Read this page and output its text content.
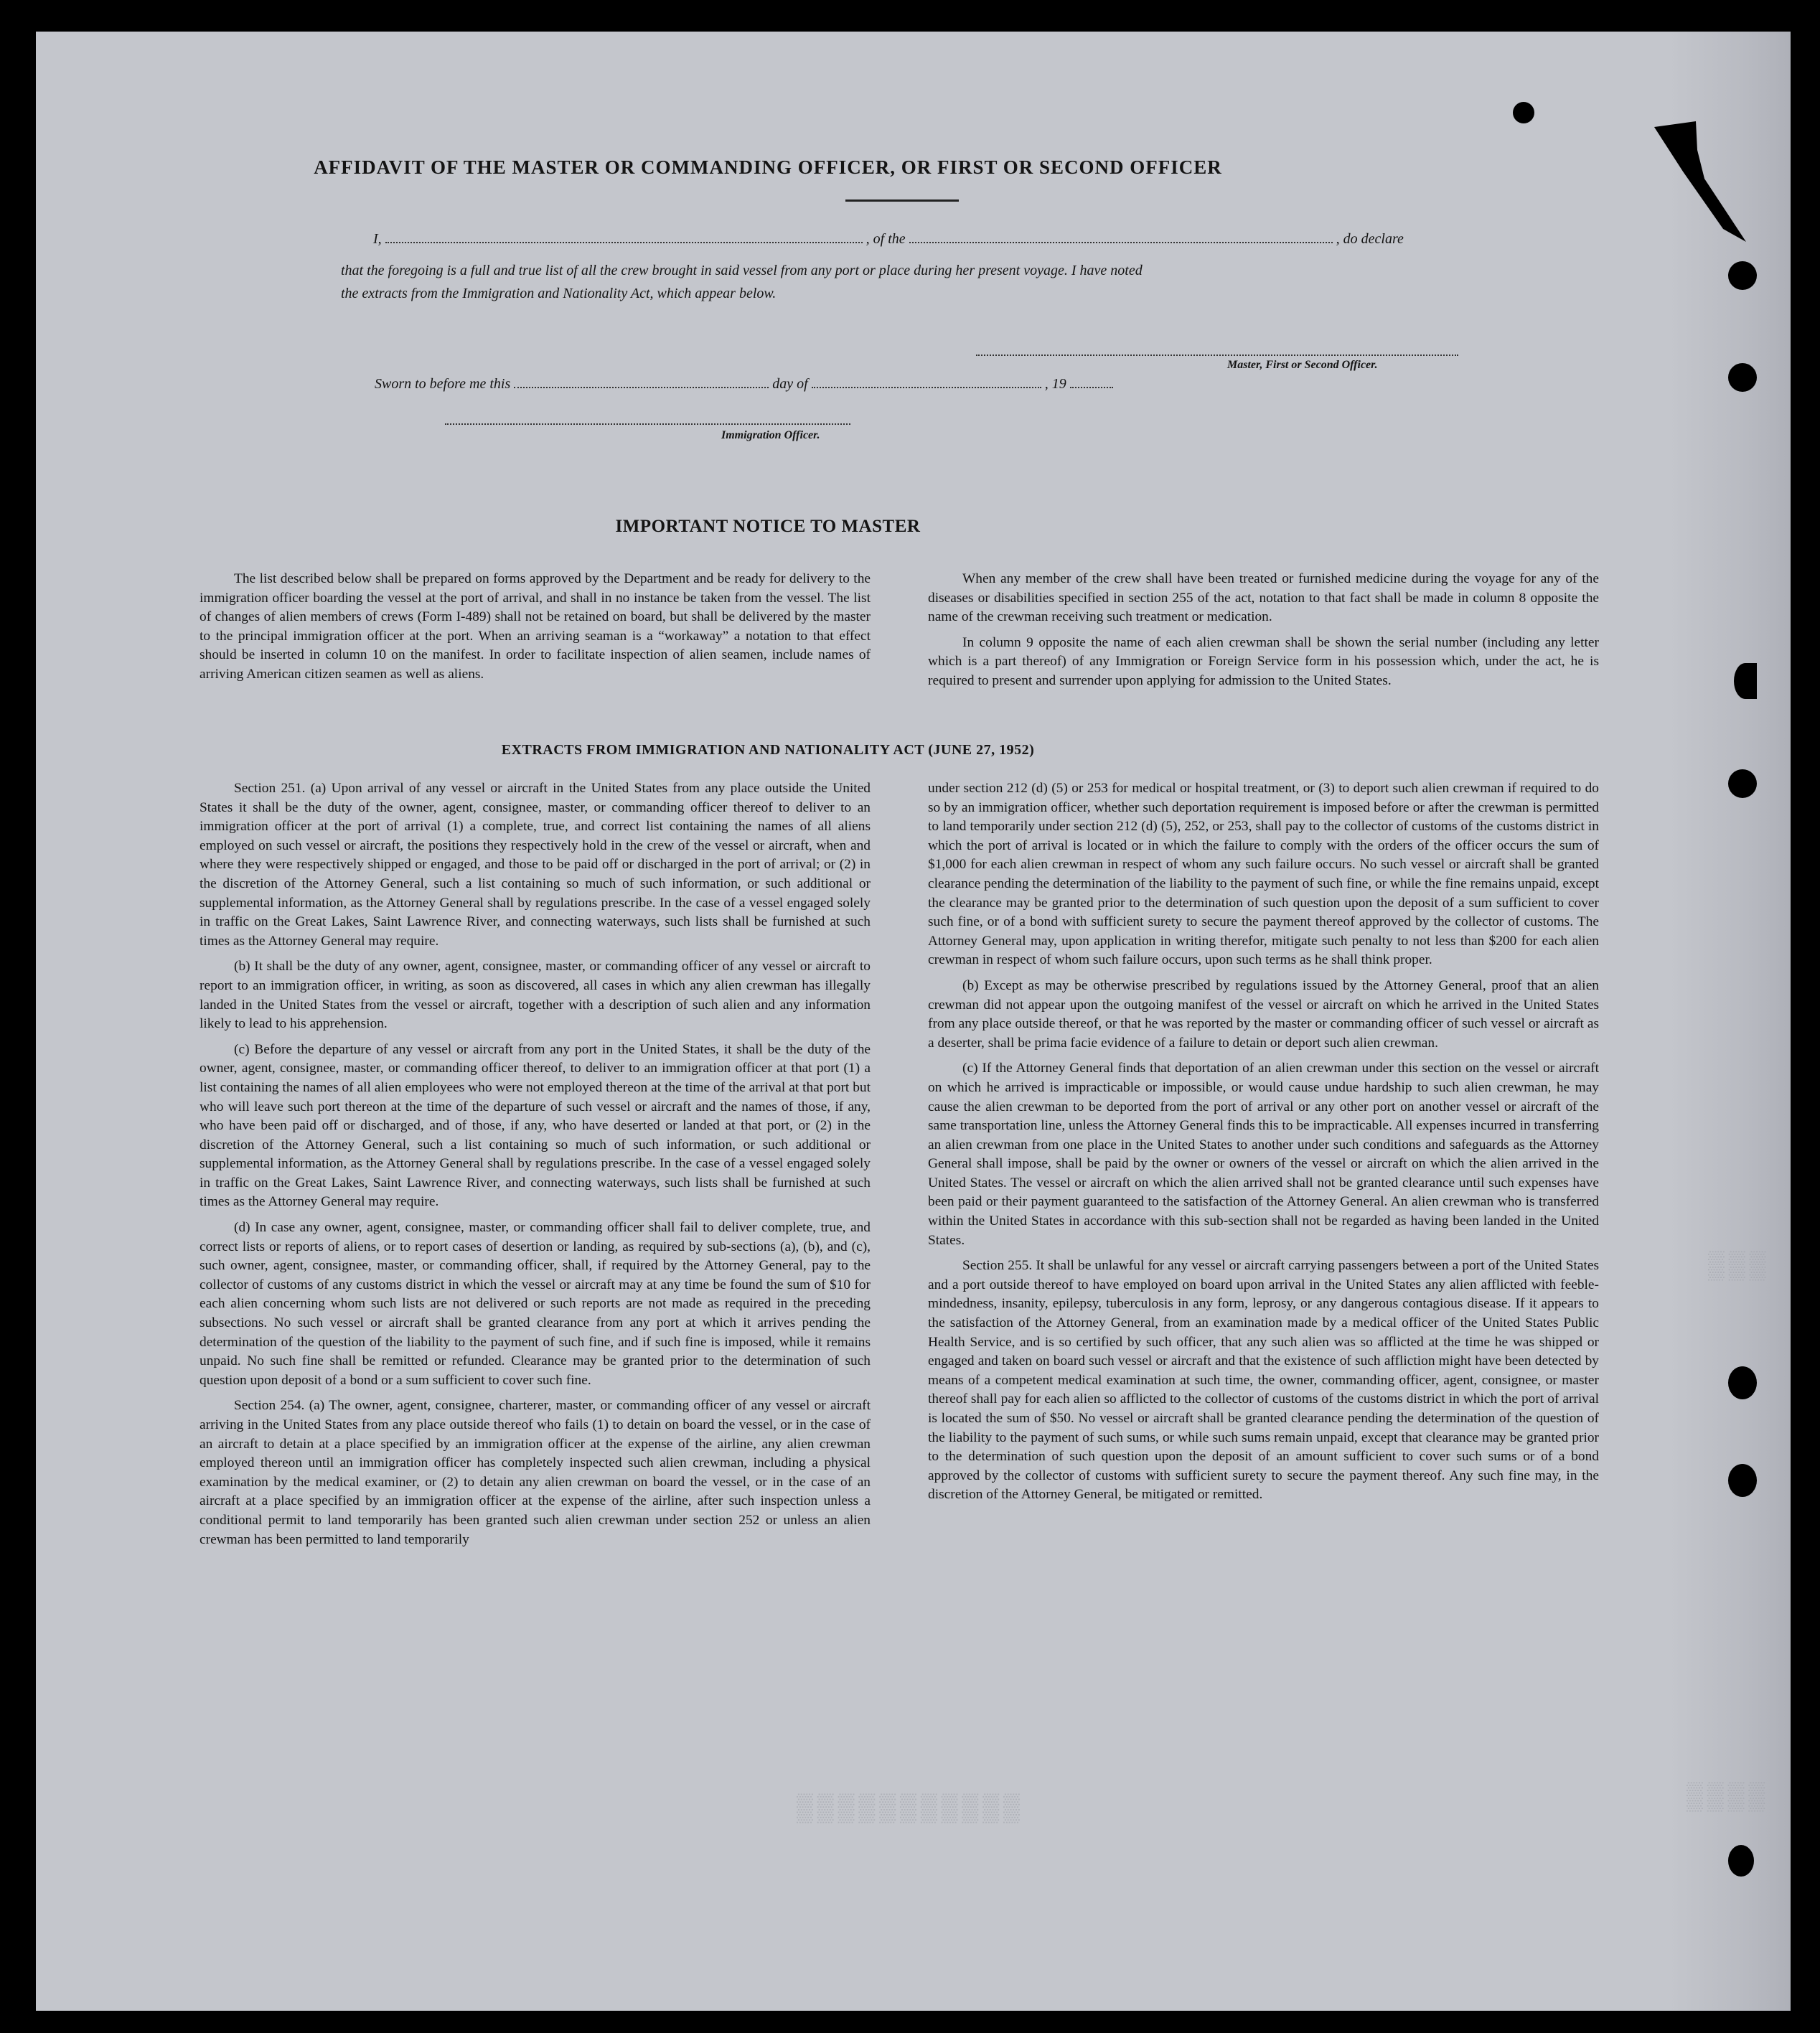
▒▒▒
▒▒▒▒
▒▒▒▒▒▒▒▒▒▒▒
AFFIDAVIT OF THE MASTER OR COMMANDING OFFICER, OR FIRST OR SECOND OFFICER
I,	, of the	, do declare
that the foregoing is a full and true list of all the crew brought in said vessel from any port or place during her present voyage. I have noted
the extracts from the Immigration and Nationality Act, which appear below.
Master, First or Second Officer.
Sworn to before me this	day of	, 19
Immigration Officer.
IMPORTANT NOTICE TO MASTER

The list described below shall be prepared on forms approved by the Department and be ready for delivery to the immigration officer boarding the vessel at the port of arrival, and shall in no instance be taken from the vessel. The list of changes of alien members of crews (Form I-489) shall not be retained on board, but shall be delivered by the master to the principal immigration officer at the port. When an arriving seaman is a “workaway” a notation to that effect should be inserted in column 10 on the manifest. In order to facilitate inspection of alien seamen, include names of arriving American citizen seamen as well as aliens.

When any member of the crew shall have been treated or furnished medicine during the voyage for any of the diseases or disabilities specified in section 255 of the act, notation to that fact shall be made in column 8 opposite the name of the crewman receiving such treatment or medication.

In column 9 opposite the name of each alien crewman shall be shown the serial number (including any letter which is a part thereof) of any Immigration or Foreign Service form in his possession which, under the act, he is required to present and surrender upon applying for admission to the United States.

EXTRACTS FROM IMMIGRATION AND NATIONALITY ACT (JUNE 27, 1952)

Section 251. (a) Upon arrival of any vessel or aircraft in the United States from any place outside the United States it shall be the duty of the owner, agent, consignee, master, or commanding officer thereof to deliver to an immigration officer at the port of arrival (1) a complete, true, and correct list containing the names of all aliens employed on such vessel or aircraft, the positions they respectively hold in the crew of the vessel or aircraft, when and where they were respectively shipped or engaged, and those to be paid off or discharged in the port of arrival; or (2) in the discretion of the Attorney General, such a list containing so much of such information, or such additional or supplemental information, as the Attorney General shall by regulations prescribe. In the case of a vessel engaged solely in traffic on the Great Lakes, Saint Lawrence River, and connecting waterways, such lists shall be furnished at such times as the Attorney General may require.

(b) It shall be the duty of any owner, agent, consignee, master, or commanding officer of any vessel or aircraft to report to an immigration officer, in writing, as soon as discovered, all cases in which any alien crewman has illegally landed in the United States from the vessel or aircraft, together with a description of such alien and any information likely to lead to his apprehension.

(c) Before the departure of any vessel or aircraft from any port in the United States, it shall be the duty of the owner, agent, consignee, master, or commanding officer thereof, to deliver to an immigration officer at that port (1) a list containing the names of all alien employees who were not employed thereon at the time of the arrival at that port but who will leave such port thereon at the time of the departure of such vessel or aircraft and the names of those, if any, who have been paid off or discharged, and of those, if any, who have deserted or landed at that port, or (2) in the discretion of the Attorney General, such a list containing so much of such information, or such additional or supplemental information, as the Attorney General shall by regulations prescribe. In the case of a vessel engaged solely in traffic on the Great Lakes, Saint Lawrence River, and connecting waterways, such lists shall be furnished at such times as the Attorney General may require.

(d) In case any owner, agent, consignee, master, or commanding officer shall fail to deliver complete, true, and correct lists or reports of aliens, or to report cases of desertion or landing, as required by sub-sections (a), (b), and (c), such owner, agent, consignee, master, or commanding officer, shall, if required by the Attorney General, pay to the collector of customs of any customs district in which the vessel or aircraft may at any time be found the sum of $10 for each alien concerning whom such lists are not delivered or such reports are not made as required in the preceding subsections. No such vessel or aircraft shall be granted clearance from any port at which it arrives pending the determination of the question of the liability to the payment of such fine, and if such fine is imposed, while it remains unpaid. No such fine shall be remitted or refunded. Clearance may be granted prior to the determination of such question upon deposit of a bond or a sum sufficient to cover such fine.

Section 254. (a) The owner, agent, consignee, charterer, master, or commanding officer of any vessel or aircraft arriving in the United States from any place outside thereof who fails (1) to detain on board the vessel, or in the case of an aircraft to detain at a place specified by an immigration officer at the expense of the airline, any alien crewman employed thereon until an immigration officer has completely inspected such alien crewman, including a physical examination by the medical examiner, or (2) to detain any alien crewman on board the vessel, or in the case of an aircraft at a place specified by an immigration officer at the expense of the airline, after such inspection unless a conditional permit to land temporarily has been granted such alien crewman under section 252 or unless an alien crewman has been permitted to land temporarily

under section 212 (d) (5) or 253 for medical or hospital treatment, or (3) to deport such alien crewman if required to do so by an immigration officer, whether such deportation requirement is imposed before or after the crewman is permitted to land temporarily under section 212 (d) (5), 252, or 253, shall pay to the collector of customs of the customs district in which the port of arrival is located or in which the failure to comply with the orders of the officer occurs the sum of $1,000 for each alien crewman in respect of whom any such failure occurs. No such vessel or aircraft shall be granted clearance pending the determination of the liability to the payment of such fine, or while the fine remains unpaid, except the clearance may be granted prior to the determination of such question upon the deposit of a sum sufficient to cover such fine, or of a bond with sufficient surety to secure the payment thereof approved by the collector of customs. The Attorney General may, upon application in writing therefor, mitigate such penalty to not less than $200 for each alien crewman in respect of whom such failure occurs, upon such terms as he shall think proper.

(b) Except as may be otherwise prescribed by regulations issued by the Attorney General, proof that an alien crewman did not appear upon the outgoing manifest of the vessel or aircraft on which he arrived in the United States from any place outside thereof, or that he was reported by the master or commanding officer of such vessel or aircraft as a deserter, shall be prima facie evidence of a failure to detain or deport such alien crewman.

(c) If the Attorney General finds that deportation of an alien crewman under this section on the vessel or aircraft on which he arrived is impracticable or impossible, or would cause undue hardship to such alien crewman, he may cause the alien crewman to be deported from the port of arrival or any other port on another vessel or aircraft of the same transportation line, unless the Attorney General finds this to be impracticable. All expenses incurred in transferring an alien crewman from one place in the United States to another under such conditions and safeguards as the Attorney General shall impose, shall be paid by the owner or owners of the vessel or aircraft on which the alien arrived in the United States. The vessel or aircraft on which the alien arrived shall not be granted clearance until such expenses have been paid or their payment guaranteed to the satisfaction of the Attorney General. An alien crewman who is transferred within the United States in accordance with this sub-section shall not be regarded as having been landed in the United States.

Section 255. It shall be unlawful for any vessel or aircraft carrying passengers between a port of the United States and a port outside thereof to have employed on board upon arrival in the United States any alien afflicted with feeble-mindedness, insanity, epilepsy, tuberculosis in any form, leprosy, or any dangerous contagious disease. If it appears to the satisfaction of the Attorney General, from an examination made by a medical officer of the United States Public Health Service, and is so certified by such officer, that any such alien was so afflicted at the time he was shipped or engaged and taken on board such vessel or aircraft and that the existence of such affliction might have been detected by means of a competent medical examination at such time, the owner, commanding officer, agent, consignee, or master thereof shall pay for each alien so afflicted to the collector of customs of the customs district in which the port of arrival is located the sum of $50. No vessel or aircraft shall be granted clearance pending the determination of the question of the liability to the payment of such sums, or while such sums remain unpaid, except that clearance may be granted prior to the determination of such question upon the deposit of an amount sufficient to cover such sums or of a bond approved by the collector of customs with sufficient surety to secure the payment thereof. Any such fine may, in the discretion of the Attorney General, be mitigated or remitted.
